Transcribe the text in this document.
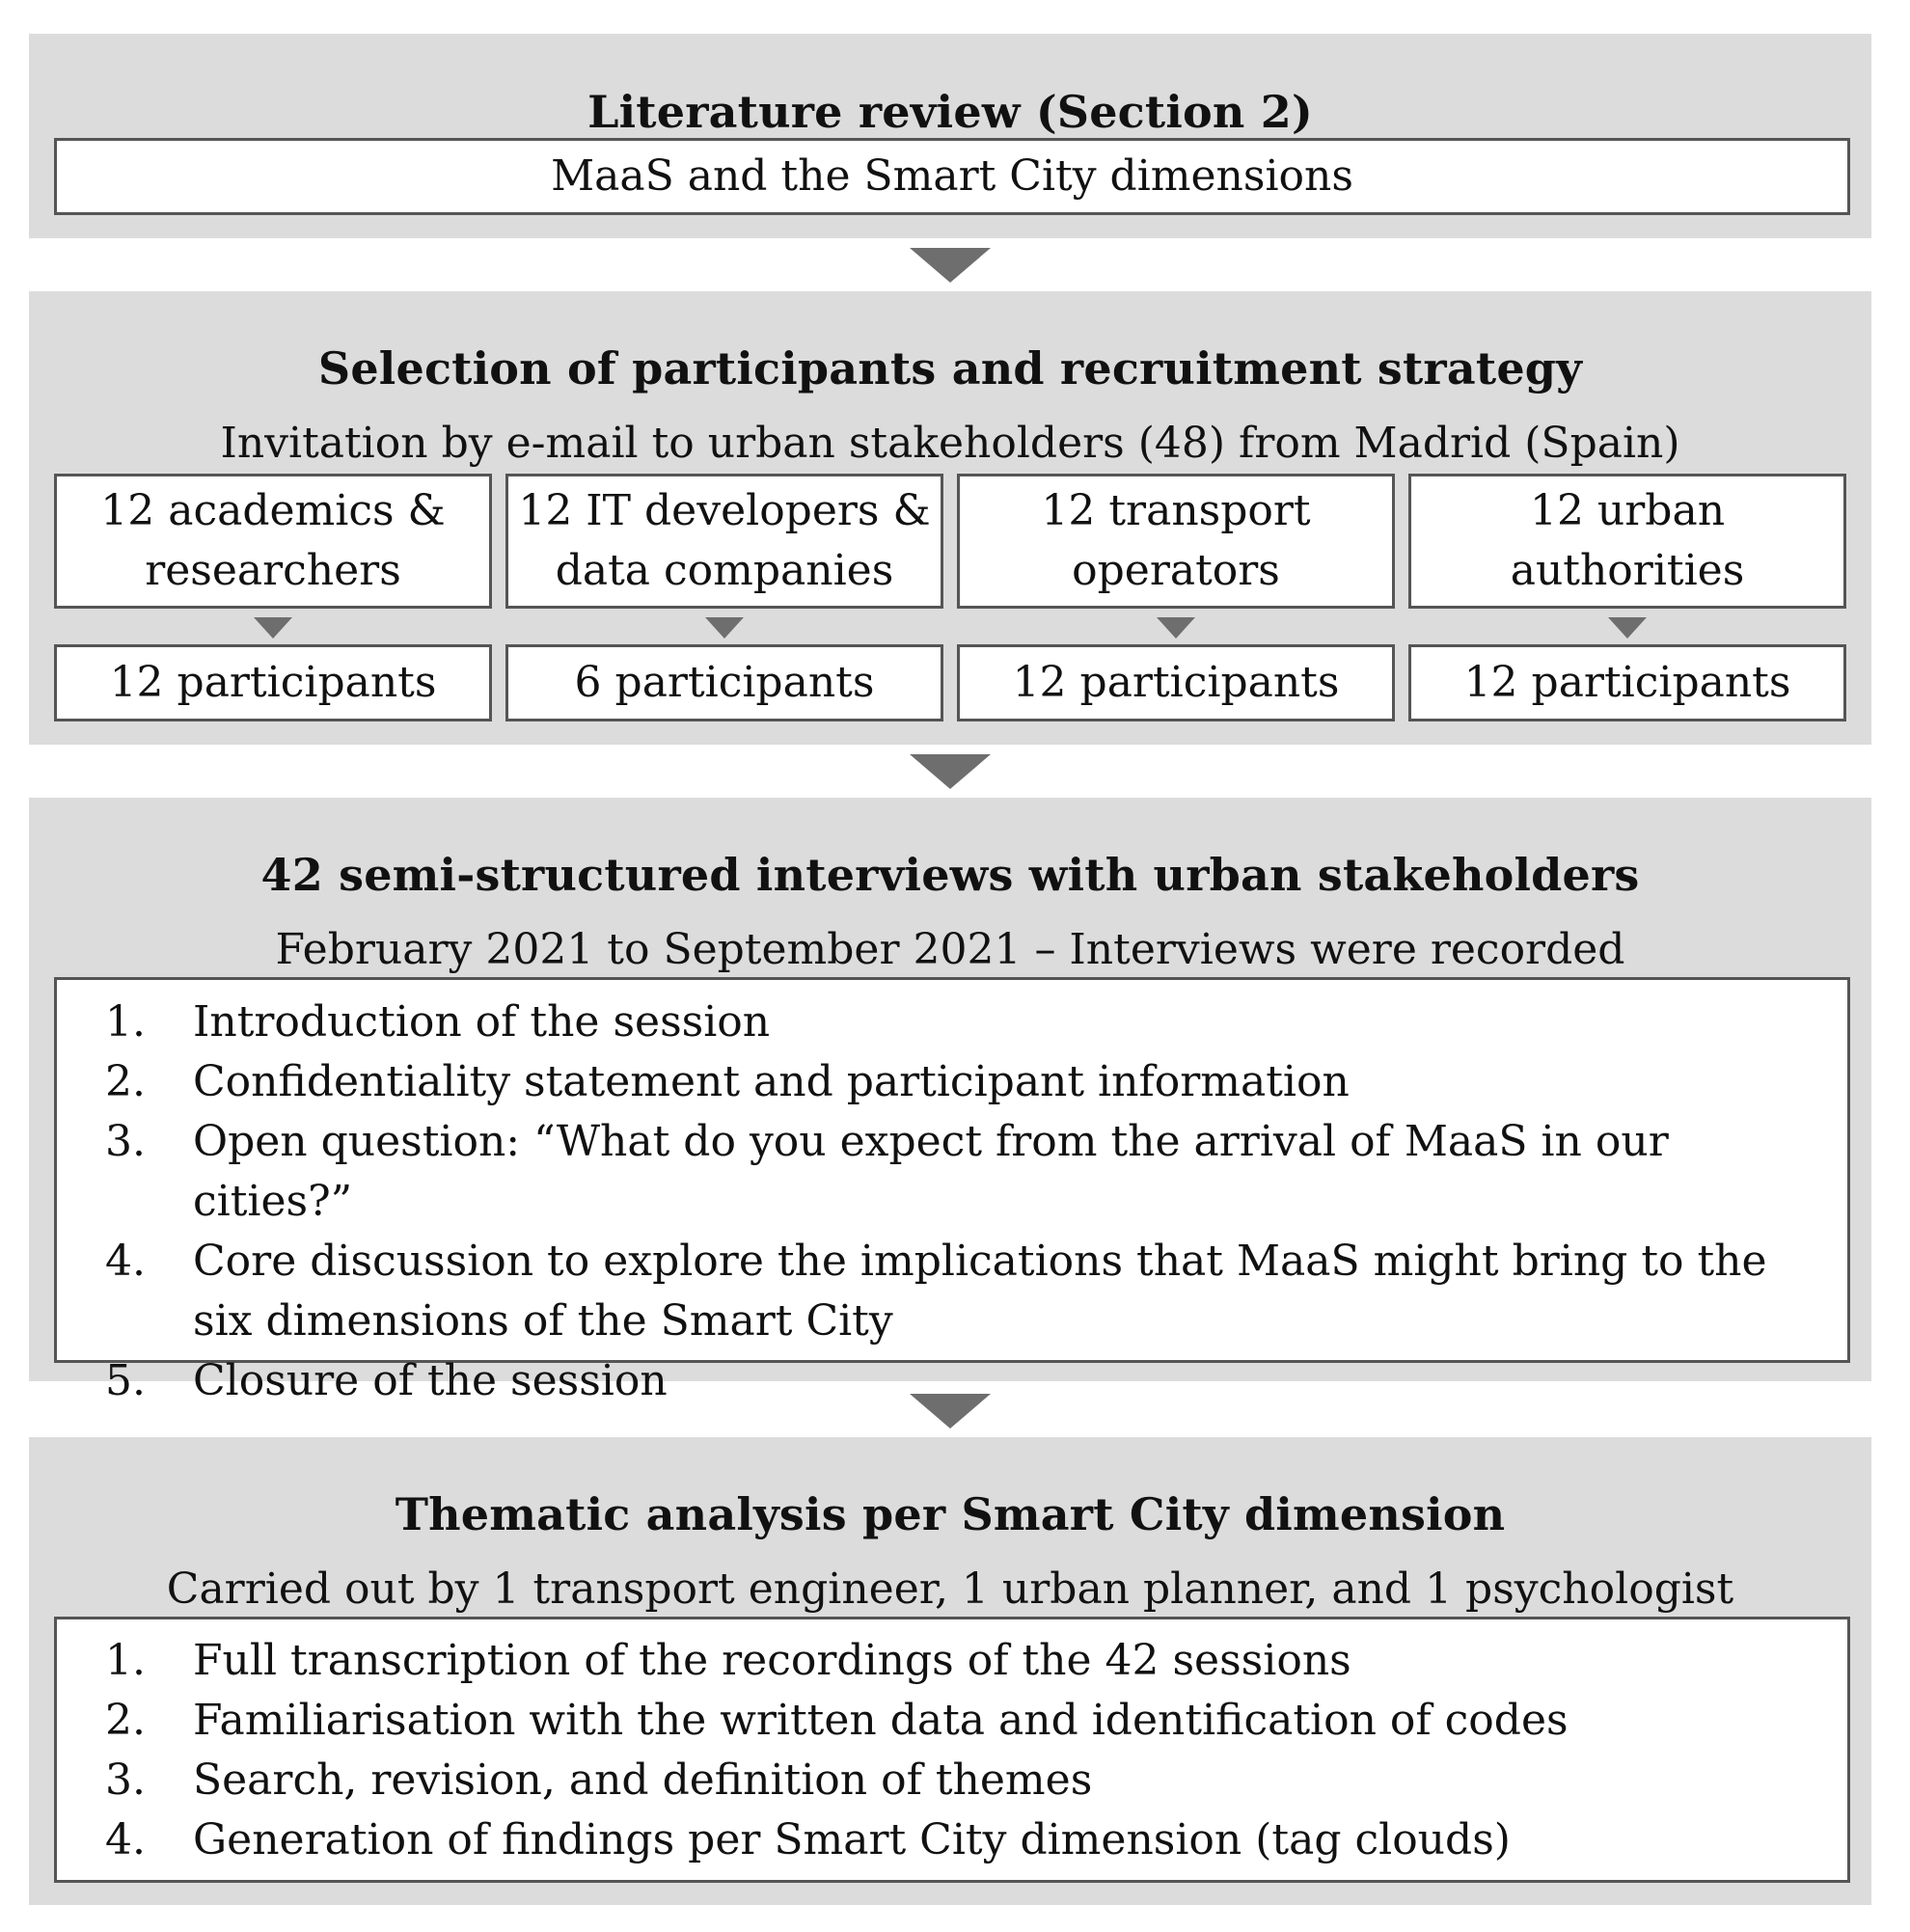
Literature review (Section 2)
MaaS and the Smart City dimensions
Selection of participants and recruitment strategy
Invitation by e-mail to urban stakeholders (48) from Madrid (Spain)
12 academics &
researchers
12 IT developers &
data companies
12 transport
operators
12 urban
authorities
12 participants	6 participants	12 participants	12 participants
42 semi-structured interviews with urban stakeholders
February 2021 to September 2021 – Interviews were recorded
1.	Introduction of the session
2.	Confidentiality statement and participant information
3.	Open question: “What do you expect from the arrival of MaaS in our cities?”
4.	Core discussion to explore the implications that MaaS might bring to the six dimensions of the Smart City
5.	Closure of the session
Thematic analysis per Smart City dimension
Carried out by 1 transport engineer, 1 urban planner, and 1 psychologist
1.	Full transcription of the recordings of the 42 sessions
2.	Familiarisation with the written data and identification of codes
3.	Search, revision, and definition of themes
4.	Generation of findings per Smart City dimension (tag clouds)
